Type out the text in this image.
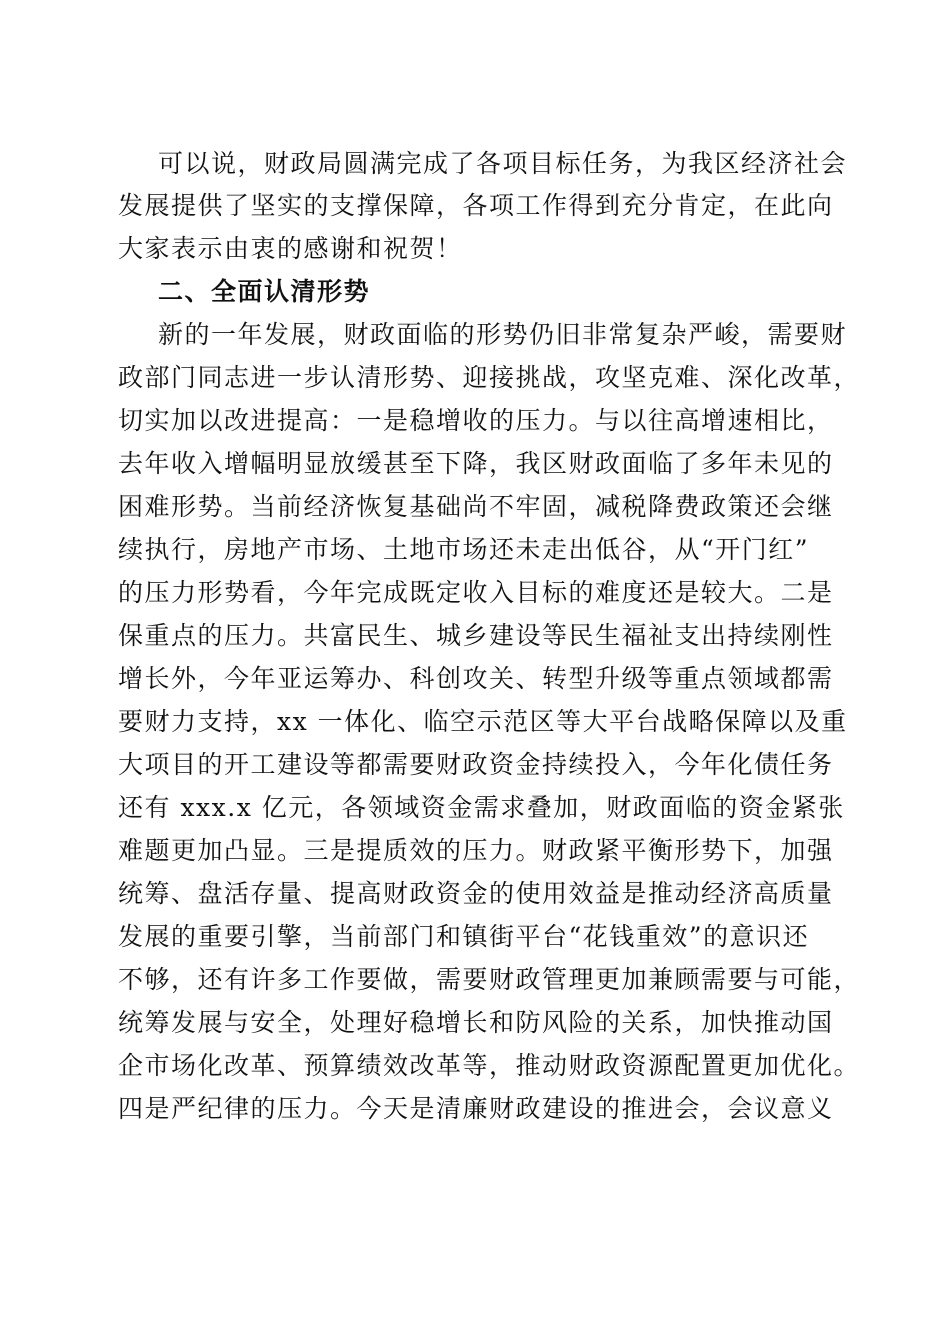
可以说，财政局圆满完成了各项目标任务，为我区经济社会
发展提供了坚实的支撑保障，各项工作得到充分肯定，在此向
大家表示由衷的感谢和祝贺！
二、全面认清形势
新的一年发展，财政面临的形势仍旧非常复杂严峻，需要财
政部门同志进一步认清形势、迎接挑战，攻坚克难、深化改革，
切实加以改进提高：一是稳增收的压力。与以往高增速相比，
去年收入增幅明显放缓甚至下降，我区财政面临了多年未见的
困难形势。当前经济恢复基础尚不牢固，减税降费政策还会继
续执行，房地产市场、土地市场还未走出低谷，从“开门红”
的压力形势看，今年完成既定收入目标的难度还是较大。二是
保重点的压力。共富民生、城乡建设等民生福祉支出持续刚性
增长外，今年亚运筹办、科创攻关、转型升级等重点领域都需
要财力支持，xx 一体化、临空示范区等大平台战略保障以及重
大项目的开工建设等都需要财政资金持续投入，今年化债任务
还有 xxx.x 亿元，各领域资金需求叠加，财政面临的资金紧张
难题更加凸显。三是提质效的压力。财政紧平衡形势下，加强
统筹、盘活存量、提高财政资金的使用效益是推动经济高质量
发展的重要引擎，当前部门和镇街平台“花钱重效”的意识还
不够，还有许多工作要做，需要财政管理更加兼顾需要与可能，
统筹发展与安全，处理好稳增长和防风险的关系，加快推动国
企市场化改革、预算绩效改革等，推动财政资源配置更加优化。
四是严纪律的压力。今天是清廉财政建设的推进会，会议意义
